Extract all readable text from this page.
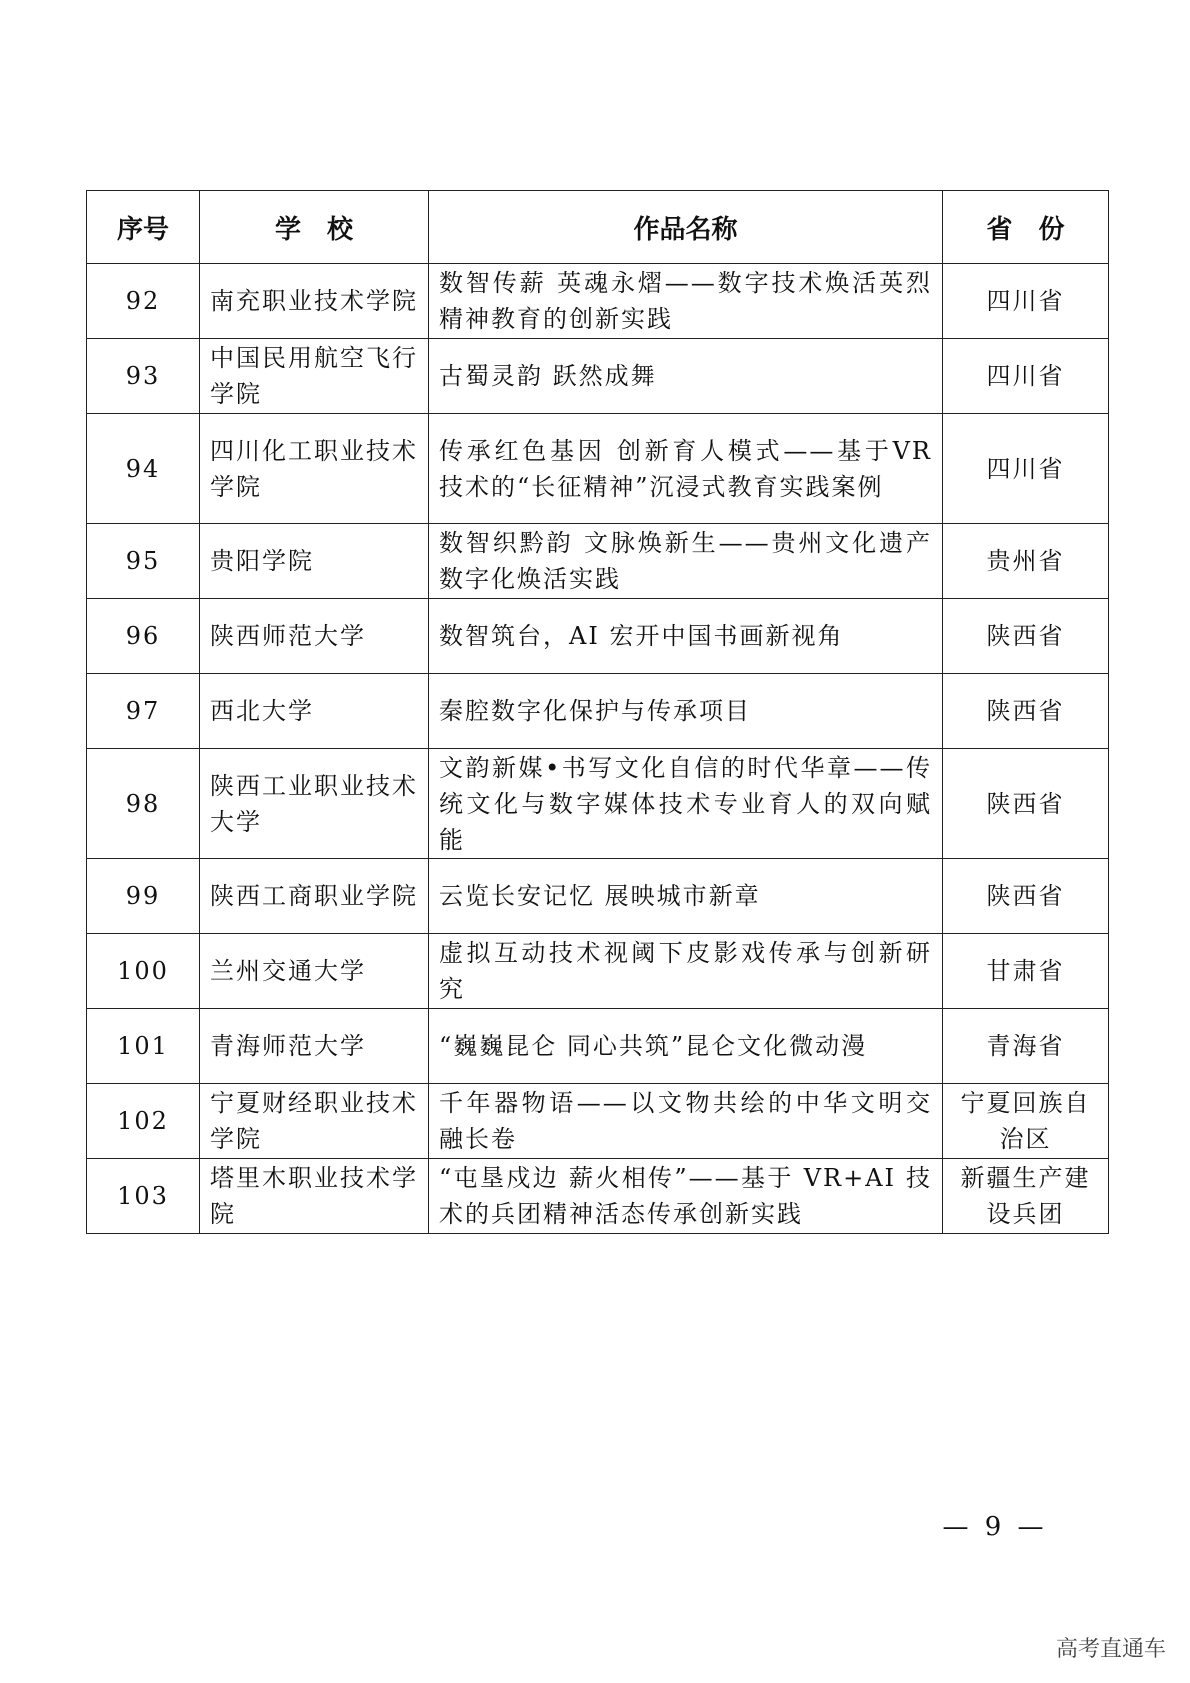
序号	学　校	作品名称	省　份
92	南充职业技术学院	数智传薪 英魂永熠——数字技术焕活英烈精神教育的创新实践	四川省
93	中国民用航空飞行学院	古蜀灵韵 跃然成舞	四川省
94	四川化工职业技术学院	传承红色基因 创新育人模式——基于VR 技术的“长征精神”沉浸式教育实践案例	四川省
95	贵阳学院	数智织黔韵 文脉焕新生——贵州文化遗产数字化焕活实践	贵州省
96	陕西师范大学	数智筑台，AI 宏开中国书画新视角	陕西省
97	西北大学	秦腔数字化保护与传承项目	陕西省
98	陕西工业职业技术大学	文韵新媒•书写文化自信的时代华章——传统文化与数字媒体技术专业育人的双向赋能	陕西省
99	陕西工商职业学院	云览长安记忆 展映城市新章	陕西省
100	兰州交通大学	虚拟互动技术视阈下皮影戏传承与创新研究	甘肃省
101	青海师范大学	“巍巍昆仑 同心共筑”昆仑文化微动漫	青海省
102	宁夏财经职业技术学院	千年器物语——以文物共绘的中华文明交融长卷	宁夏回族自治区
103	塔里木职业技术学院	“屯垦戍边 薪火相传”——基于 VR+AI 技术的兵团精神活态传承创新实践	新疆生产建设兵团
— 9 —
高考直通车
